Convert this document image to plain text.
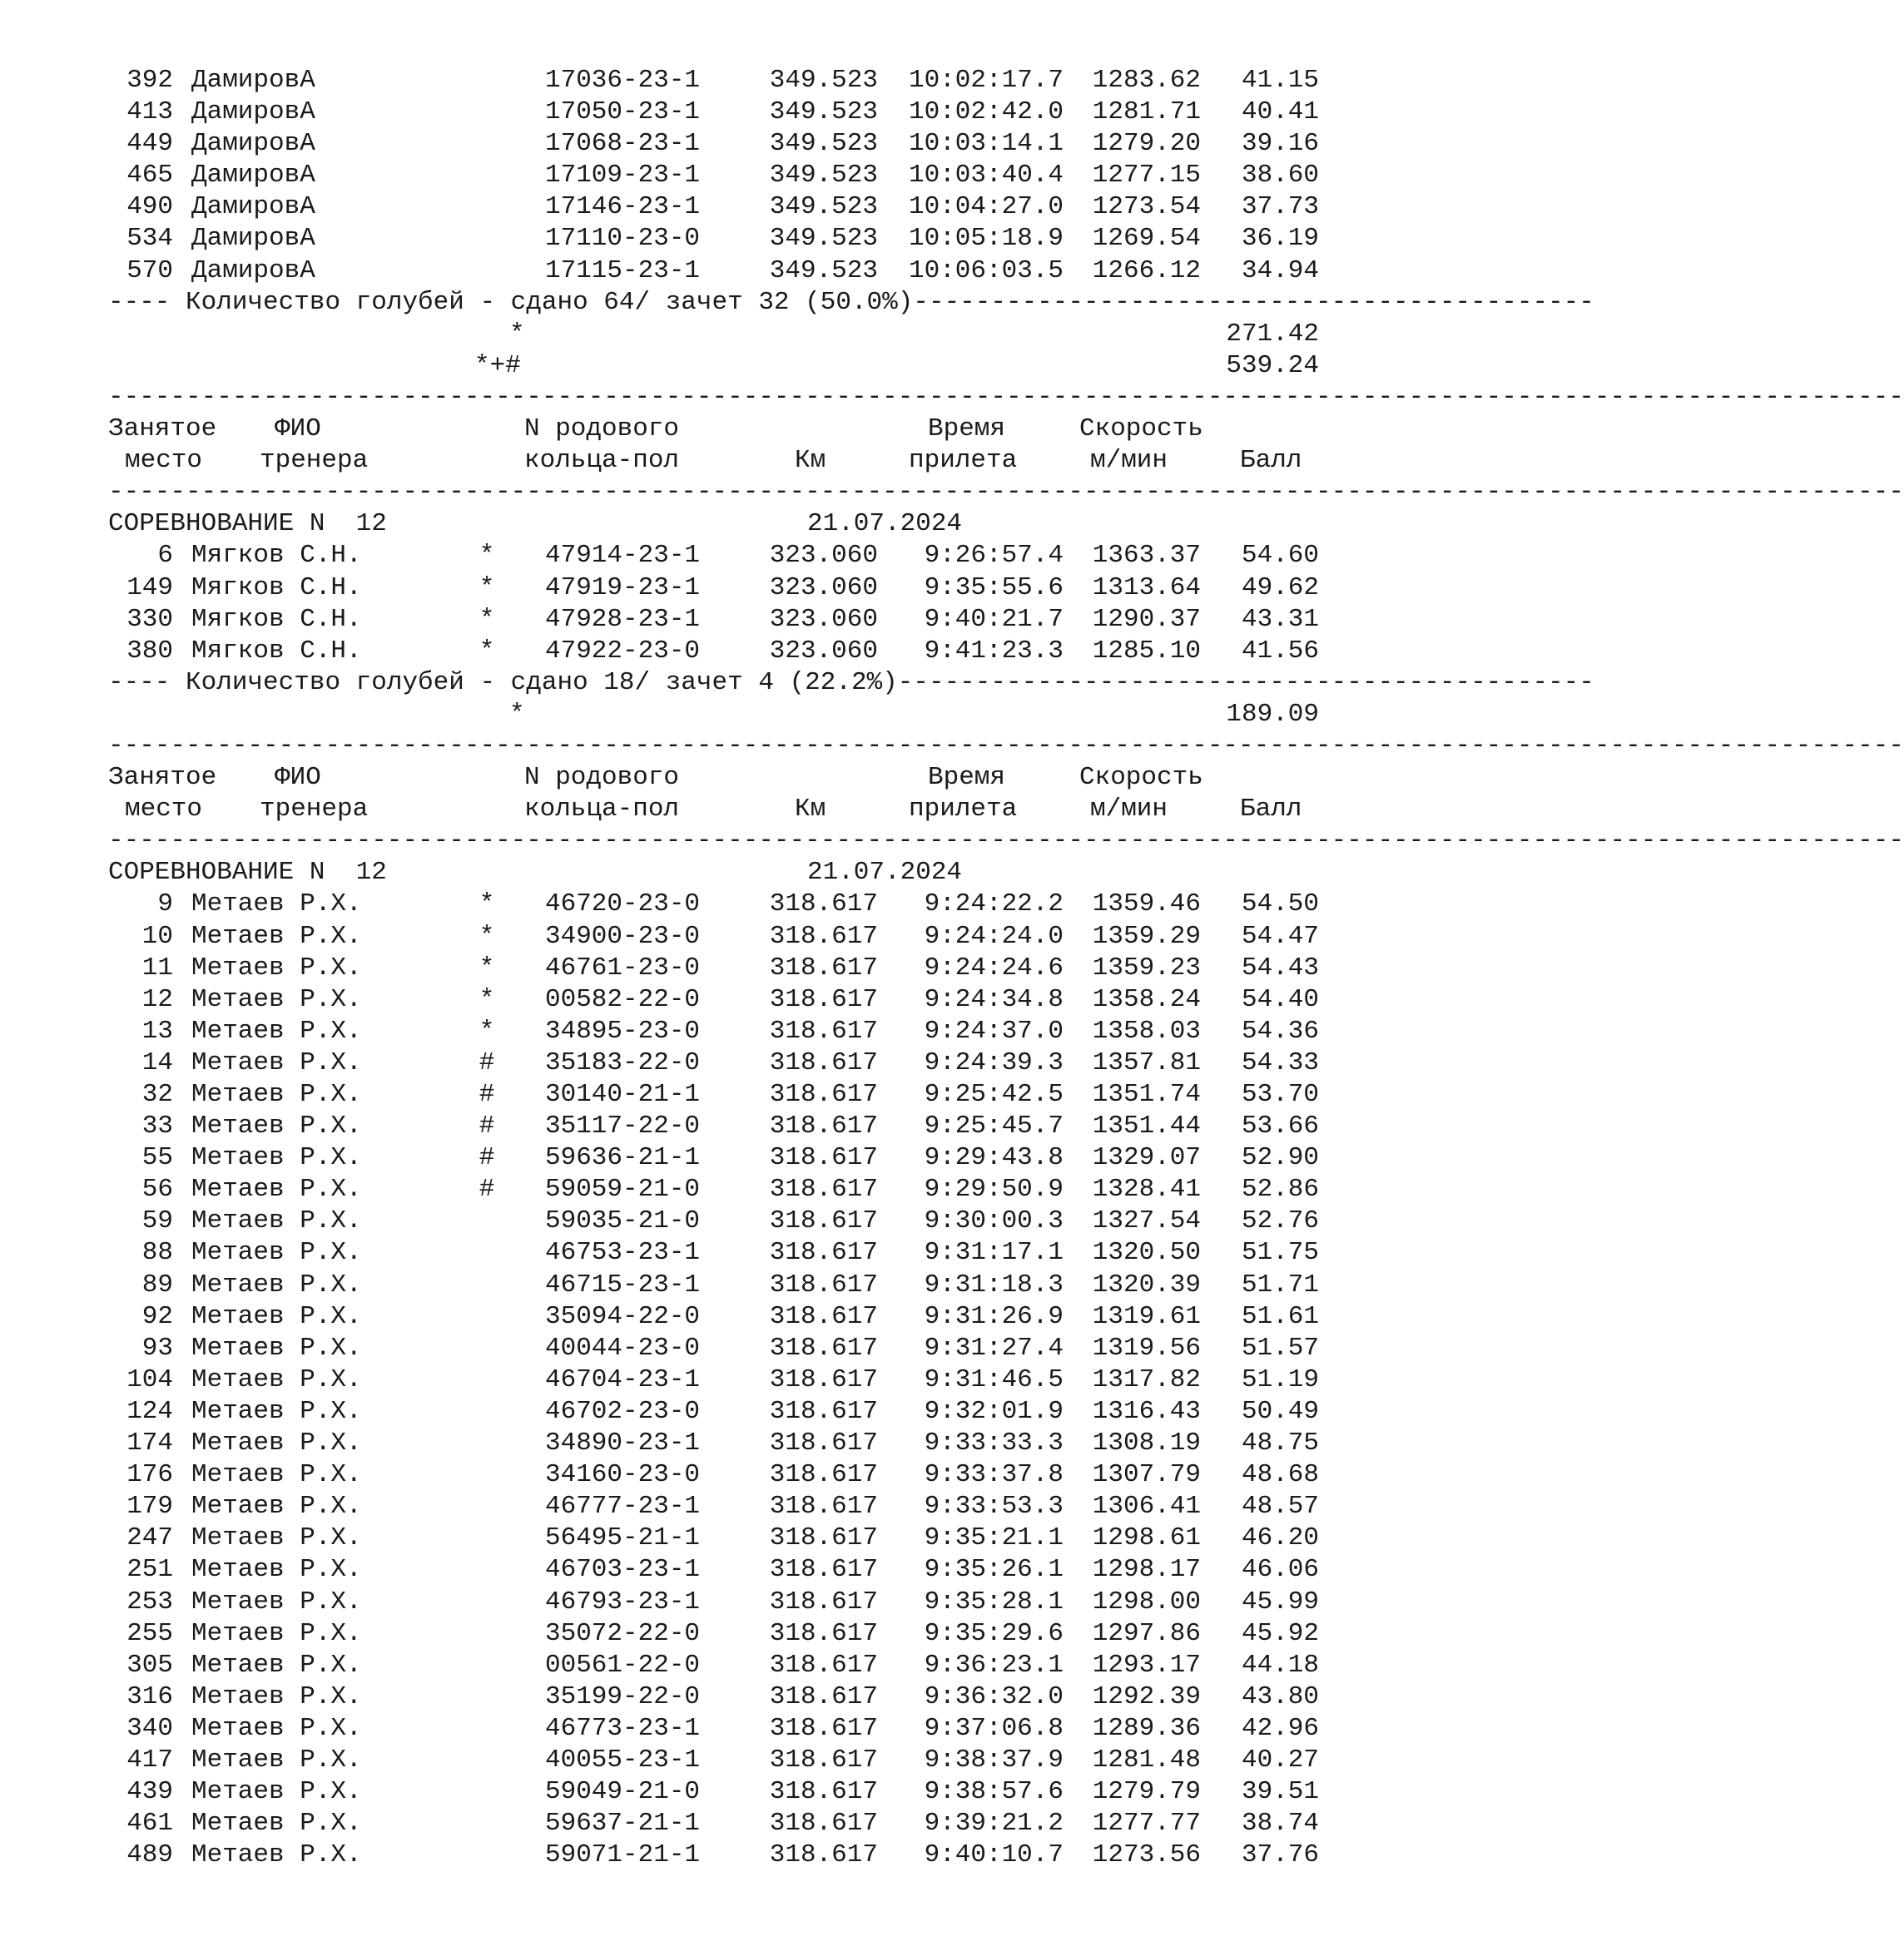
392 ДамировА	17036-23-1	349.523	10:02:17.7	1283.62	41.15
413 ДамировА	17050-23-1	349.523	10:02:42.0	1281.71	40.41
449 ДамировА	17068-23-1	349.523	10:03:14.1	1279.20	39.16
465 ДамировА	17109-23-1	349.523	10:03:40.4	1277.15	38.60
490 ДамировА	17146-23-1	349.523	10:04:27.0	1273.54	37.73
534 ДамировА	17110-23-0	349.523	10:05:18.9	1269.54	36.19
570 ДамировА	17115-23-1	349.523	10:06:03.5	1266.12	34.94
---- Количество голубей - сдано 64/ зачет 32 (50.0%)--------------------------------------------
*	271.42
*+#	539.24
--------------------------------------------------------------------------------------------------------------------
Занятое ФИО	N родового	Время	Скорость
место тренера	кольца-пол	Км	прилета	м/мин	Балл
--------------------------------------------------------------------------------------------------------------------
СОРЕВНОВАНИЕ N  12	21.07.2024
6 Мягков С.Н.	* 47914-23-1	323.060	9:26:57.4	1363.37	54.60
149 Мягков С.Н.	* 47919-23-1	323.060	9:35:55.6	1313.64	49.62
330 Мягков С.Н.	* 47928-23-1	323.060	9:40:21.7	1290.37	43.31
380 Мягков С.Н.	* 47922-23-0	323.060	9:41:23.3	1285.10	41.56
---- Количество голубей - сдано 18/ зачет 4 (22.2%)---------------------------------------------
*	189.09
--------------------------------------------------------------------------------------------------------------------
Занятое ФИО	N родового	Время	Скорость
место тренера	кольца-пол	Км	прилета	м/мин	Балл
--------------------------------------------------------------------------------------------------------------------
СОРЕВНОВАНИЕ N  12	21.07.2024
9 Метаев Р.Х.	* 46720-23-0	318.617	9:24:22.2	1359.46	54.50
10 Метаев Р.Х.	* 34900-23-0	318.617	9:24:24.0	1359.29	54.47
11 Метаев Р.Х.	* 46761-23-0	318.617	9:24:24.6	1359.23	54.43
12 Метаев Р.Х.	* 00582-22-0	318.617	9:24:34.8	1358.24	54.40
13 Метаев Р.Х.	* 34895-23-0	318.617	9:24:37.0	1358.03	54.36
14 Метаев Р.Х.	# 35183-22-0	318.617	9:24:39.3	1357.81	54.33
32 Метаев Р.Х.	# 30140-21-1	318.617	9:25:42.5	1351.74	53.70
33 Метаев Р.Х.	# 35117-22-0	318.617	9:25:45.7	1351.44	53.66
55 Метаев Р.Х.	# 59636-21-1	318.617	9:29:43.8	1329.07	52.90
56 Метаев Р.Х.	# 59059-21-0	318.617	9:29:50.9	1328.41	52.86
59 Метаев Р.Х.	59035-21-0	318.617	9:30:00.3	1327.54	52.76
88 Метаев Р.Х.	46753-23-1	318.617	9:31:17.1	1320.50	51.75
89 Метаев Р.Х.	46715-23-1	318.617	9:31:18.3	1320.39	51.71
92 Метаев Р.Х.	35094-22-0	318.617	9:31:26.9	1319.61	51.61
93 Метаев Р.Х.	40044-23-0	318.617	9:31:27.4	1319.56	51.57
104 Метаев Р.Х.	46704-23-1	318.617	9:31:46.5	1317.82	51.19
124 Метаев Р.Х.	46702-23-0	318.617	9:32:01.9	1316.43	50.49
174 Метаев Р.Х.	34890-23-1	318.617	9:33:33.3	1308.19	48.75
176 Метаев Р.Х.	34160-23-0	318.617	9:33:37.8	1307.79	48.68
179 Метаев Р.Х.	46777-23-1	318.617	9:33:53.3	1306.41	48.57
247 Метаев Р.Х.	56495-21-1	318.617	9:35:21.1	1298.61	46.20
251 Метаев Р.Х.	46703-23-1	318.617	9:35:26.1	1298.17	46.06
253 Метаев Р.Х.	46793-23-1	318.617	9:35:28.1	1298.00	45.99
255 Метаев Р.Х.	35072-22-0	318.617	9:35:29.6	1297.86	45.92
305 Метаев Р.Х.	00561-22-0	318.617	9:36:23.1	1293.17	44.18
316 Метаев Р.Х.	35199-22-0	318.617	9:36:32.0	1292.39	43.80
340 Метаев Р.Х.	46773-23-1	318.617	9:37:06.8	1289.36	42.96
417 Метаев Р.Х.	40055-23-1	318.617	9:38:37.9	1281.48	40.27
439 Метаев Р.Х.	59049-21-0	318.617	9:38:57.6	1279.79	39.51
461 Метаев Р.Х.	59637-21-1	318.617	9:39:21.2	1277.77	38.74
489 Метаев Р.Х.	59071-21-1	318.617	9:40:10.7	1273.56	37.76
